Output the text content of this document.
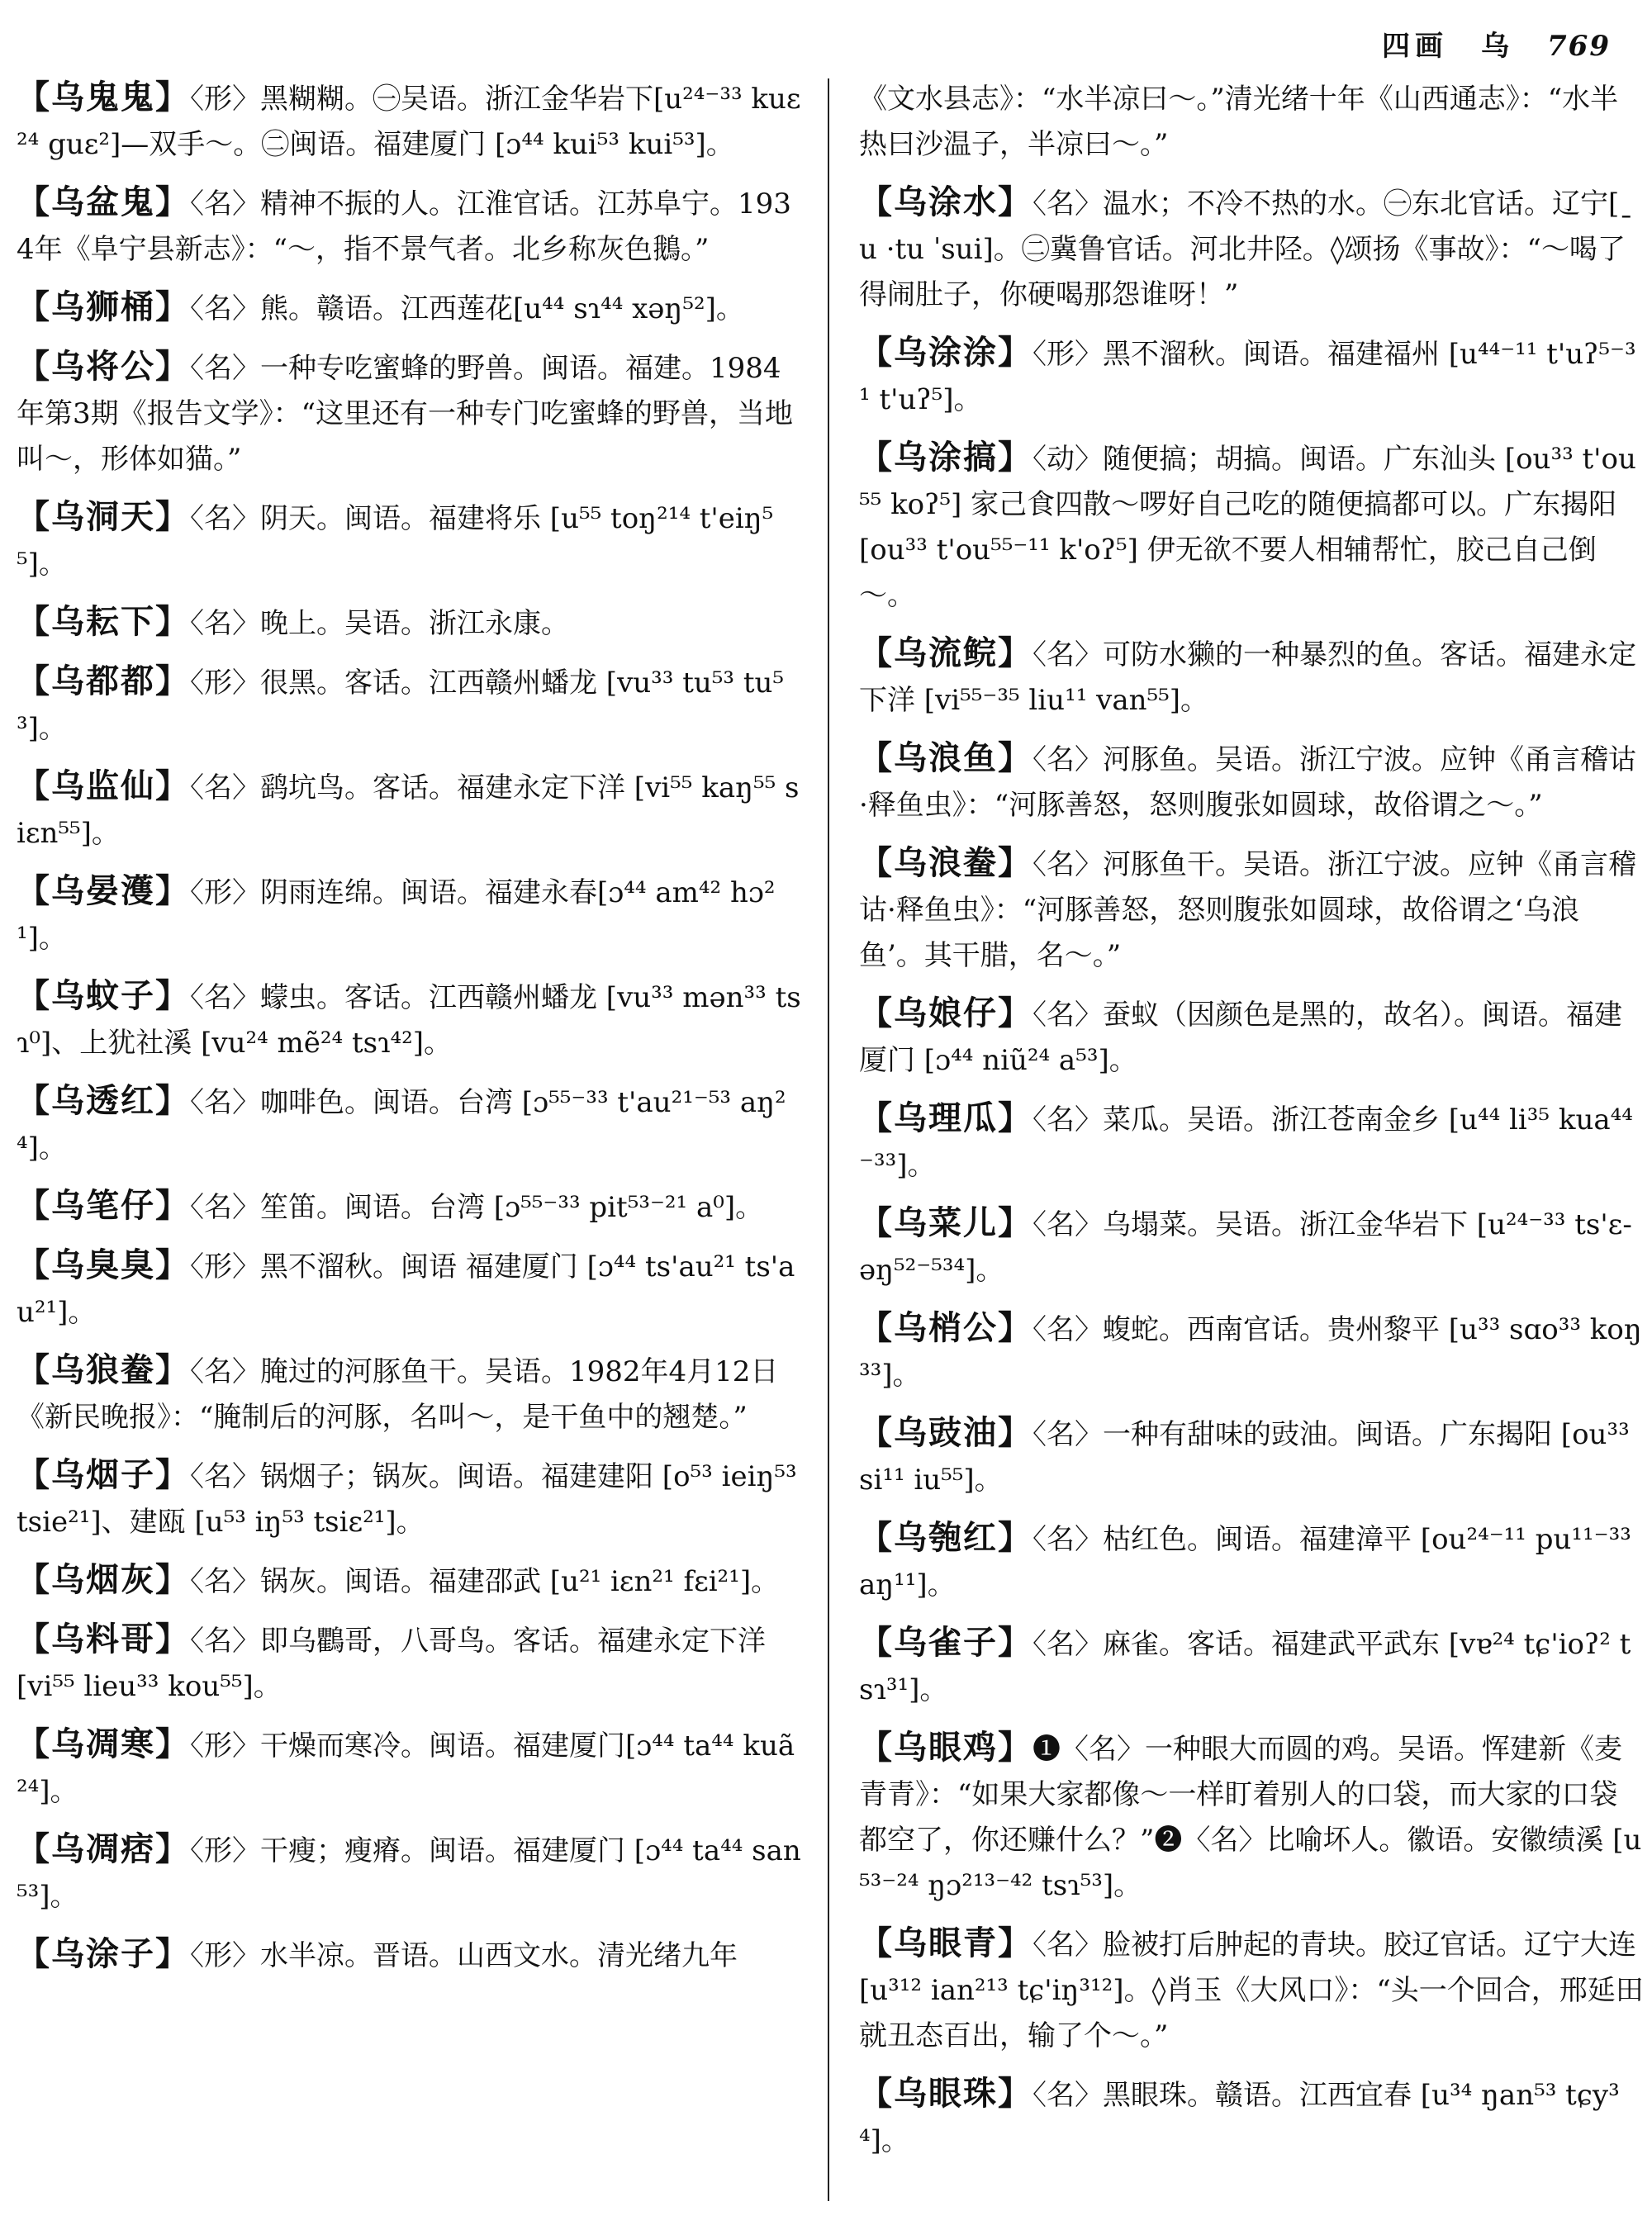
四画 乌 769

【乌鬼鬼】〈形〉黑糊糊。㊀吴语。浙江金华岩下[u²⁴⁻³³ kuɛ²⁴ guɛ²]—双手～。㊁闽语。福建厦门 [ɔ⁴⁴ kui⁵³ kui⁵³]。

【乌盆鬼】〈名〉精神不振的人。江淮官话。江苏阜宁。1934年《阜宁县新志》：“～，指不景气者。北乡称灰色鵝。”

【乌狮桶】〈名〉熊。赣语。江西莲花[u⁴⁴ sɿ⁴⁴ xəŋ⁵²]。

【乌将公】〈名〉一种专吃蜜蜂的野兽。闽语。福建。1984年第3期《报告文学》：“这里还有一种专门吃蜜蜂的野兽，当地叫～，形体如猫。”

【乌洞天】〈名〉阴天。闽语。福建将乐 [u⁵⁵ toŋ²¹⁴ t'eiŋ⁵⁵]。

【乌耘下】〈名〉晚上。吴语。浙江永康。

【乌都都】〈形〉很黑。客话。江西赣州蟠龙 [vu³³ tu⁵³ tu⁵³]。

【乌监仙】〈名〉鹞坑鸟。客话。福建永定下洋 [vi⁵⁵ kaŋ⁵⁵ siɛn⁵⁵]。

【乌晏濩】〈形〉阴雨连绵。闽语。福建永春[ɔ⁴⁴ am⁴² hɔ²¹]。

【乌蚊子】〈名〉蠓虫。客话。江西赣州蟠龙 [vu³³ mən³³ tsɿ⁰]、上犹社溪 [vu²⁴ mẽ²⁴ tsɿ⁴²]。

【乌透红】〈名〉咖啡色。闽语。台湾 [ɔ⁵⁵⁻³³ t'au²¹⁻⁵³ aŋ²⁴]。

【乌笔仔】〈名〉笙笛。闽语。台湾 [ɔ⁵⁵⁻³³ pit⁵³⁻²¹ a⁰]。

【乌臭臭】〈形〉黑不溜秋。闽语 福建厦门 [ɔ⁴⁴ ts'au²¹ ts'au²¹]。

【乌狼鲞】〈名〉腌过的河豚鱼干。吴语。1982年4月12日《新民晚报》：“腌制后的河豚，名叫～，是干鱼中的翘楚。”

【乌烟子】〈名〉锅烟子；锅灰。闽语。福建建阳 [o⁵³ ieiŋ⁵³ tsie²¹]、建瓯 [u⁵³ iŋ⁵³ tsiɛ²¹]。

【乌烟灰】〈名〉锅灰。闽语。福建邵武 [u²¹ iɛn²¹ fɛi²¹]。

【乌料哥】〈名〉即乌鸜哥，八哥鸟。客话。福建永定下洋 [vi⁵⁵ lieu³³ kou⁵⁵]。

【乌凋寒】〈形〉干燥而寒冷。闽语。福建厦门[ɔ⁴⁴ ta⁴⁴ kuã²⁴]。

【乌凋痞】〈形〉干瘦；瘦瘠。闽语。福建厦门 [ɔ⁴⁴ ta⁴⁴ san⁵³]。

【乌涂子】〈形〉水半凉。晋语。山西文水。清光绪九年

《文水县志》：“水半凉曰～。”清光绪十年《山西通志》：“水半热曰沙温子，半凉曰～。”

【乌涂水】〈名〉温水；不冷不热的水。㊀东北官话。辽宁[ˍu ·tu ˈsui]。㊁冀鲁官话。河北井陉。◊颂扬《事故》：“～喝了得闹肚子，你硬喝那怨谁呀！”

【乌涂涂】〈形〉黑不溜秋。闽语。福建福州 [u⁴⁴⁻¹¹ t'uʔ⁵⁻³¹ t'uʔ⁵]。

【乌涂搞】〈动〉随便搞；胡搞。闽语。广东汕头 [ou³³ t'ou⁵⁵ koʔ⁵] 家己食四散～啰好自己吃的随便搞都可以。广东揭阳 [ou³³ t'ou⁵⁵⁻¹¹ k'oʔ⁵] 伊无欲不要人相辅帮忙，胶己自己倒～。

【乌流鲩】〈名〉可防水獭的一种暴烈的鱼。客话。福建永定下洋 [vi⁵⁵⁻³⁵ liu¹¹ van⁵⁵]。

【乌浪鱼】〈名〉河豚鱼。吴语。浙江宁波。应钟《甬言稽诂·释鱼虫》：“河豚善怒，怒则腹张如圆球，故俗谓之～。”

【乌浪鲞】〈名〉河豚鱼干。吴语。浙江宁波。应钟《甬言稽诂·释鱼虫》：“河豚善怒，怒则腹张如圆球，故俗谓之‘乌浪鱼’。其干腊，名～。”

【乌娘仔】〈名〉蚕蚁（因颜色是黑的，故名）。闽语。福建厦门 [ɔ⁴⁴ niũ²⁴ a⁵³]。

【乌理瓜】〈名〉菜瓜。吴语。浙江苍南金乡 [u⁴⁴ li³⁵ kua⁴⁴⁻³³]。

【乌菜儿】〈名〉乌塌菜。吴语。浙江金华岩下 [u²⁴⁻³³ ts'ɛ-əŋ⁵²⁻⁵³⁴]。

【乌梢公】〈名〉蝮蛇。西南官话。贵州黎平 [u³³ sɑo³³ koŋ³³]。

【乌豉油】〈名〉一种有甜味的豉油。闽语。广东揭阳 [ou³³ si¹¹ iu⁵⁵]。

【乌匏红】〈名〉枯红色。闽语。福建漳平 [ou²⁴⁻¹¹ pu¹¹⁻³³ aŋ¹¹]。

【乌雀子】〈名〉麻雀。客话。福建武平武东 [vɐ²⁴ tɕ'ioʔ² tsɿ³¹]。

【乌眼鸡】❶〈名〉一种眼大而圆的鸡。吴语。恽建新《麦青青》：“如果大家都像～一样盯着别人的口袋，而大家的口袋都空了，你还赚什么？”❷〈名〉比喻坏人。徽语。安徽绩溪 [u⁵³⁻²⁴ ŋɔ²¹³⁻⁴² tsɿ⁵³]。

【乌眼青】〈名〉脸被打后肿起的青块。胶辽官话。辽宁大连 [u³¹² ian²¹³ tɕ'iŋ³¹²]。◊肖玉《大风口》：“头一个回合，邢延田就丑态百出，输了个～。”

【乌眼珠】〈名〉黑眼珠。赣语。江西宜春 [u³⁴ ŋan⁵³ tɕy³⁴]。
